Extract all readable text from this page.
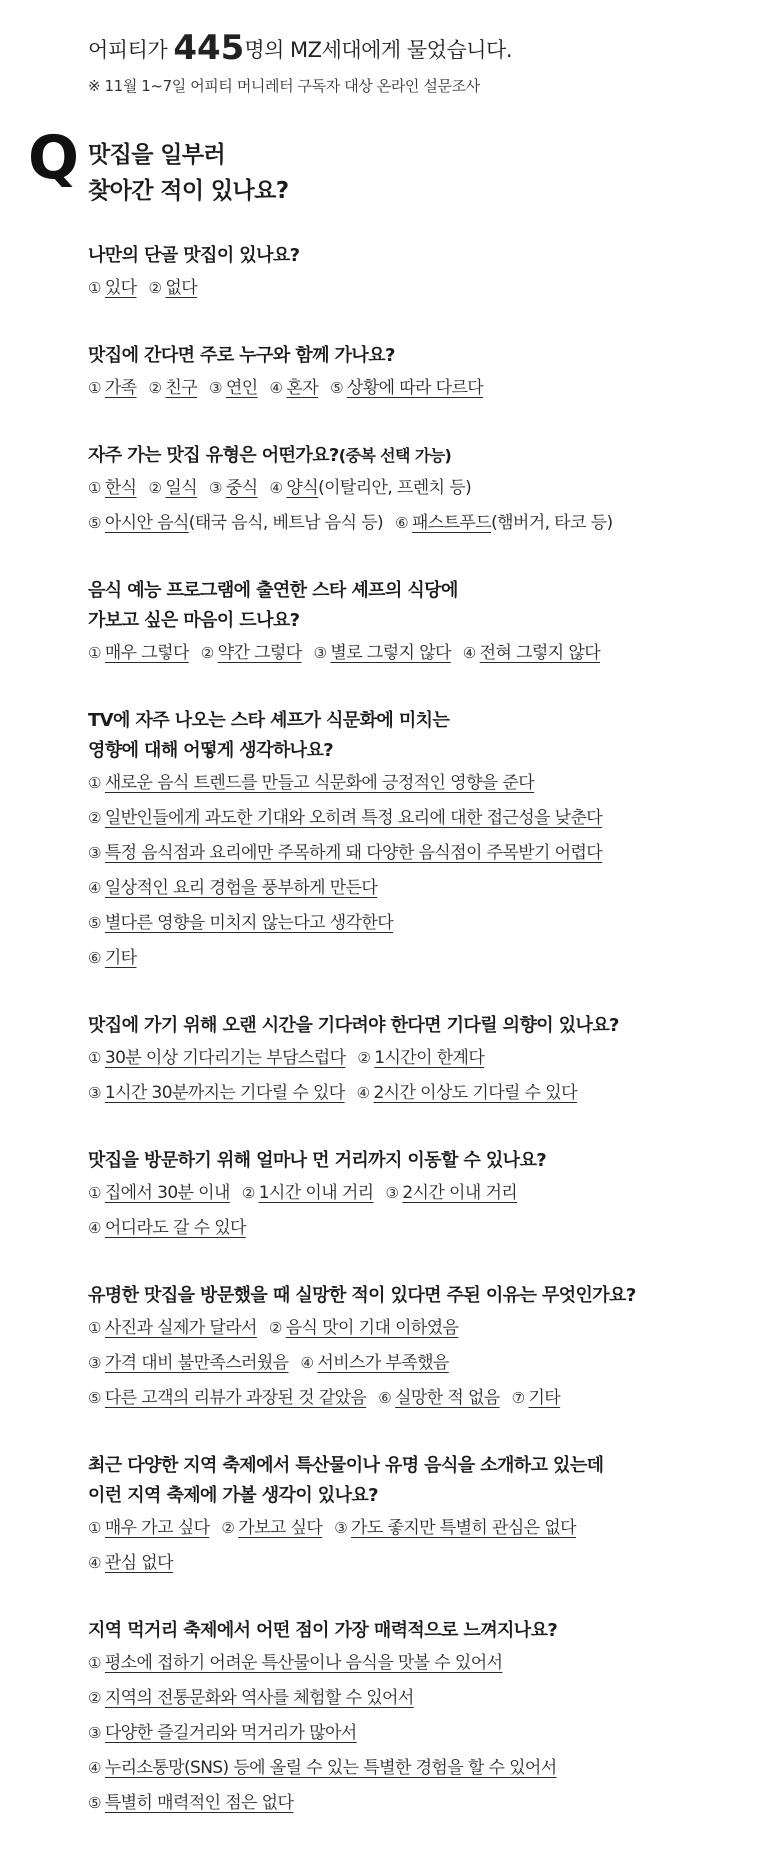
어피티가 445명의 MZ세대에게 물었습니다.
※ 11월 1~7일 어피티 머니레터 구독자 대상 온라인 설문조사
Q 맛집을 일부러
찾아간 적이 있나요?
나만의 단골 맛집이 있나요?
① 있다 ② 없다
맛집에 간다면 주로 누구와 함께 가나요?
① 가족 ② 친구 ③ 연인 ④ 혼자 ⑤ 상황에 따라 다르다
자주 가는 맛집 유형은 어떤가요?(중복 선택 가능)
① 한식 ② 일식 ③ 중식 ④ 양식(이탈리안, 프렌치 등)
⑤ 아시안 음식(태국 음식, 베트남 음식 등) ⑥ 패스트푸드(햄버거, 타코 등)
음식 예능 프로그램에 출연한 스타 셰프의 식당에
가보고 싶은 마음이 드나요?
① 매우 그렇다 ② 약간 그렇다 ③ 별로 그렇지 않다 ④ 전혀 그렇지 않다
TV에 자주 나오는 스타 셰프가 식문화에 미치는
영향에 대해 어떻게 생각하나요?
① 새로운 음식 트렌드를 만들고 식문화에 긍정적인 영향을 준다
② 일반인들에게 과도한 기대와 오히려 특정 요리에 대한 접근성을 낮춘다
③ 특정 음식점과 요리에만 주목하게 돼 다양한 음식점이 주목받기 어렵다
④ 일상적인 요리 경험을 풍부하게 만든다
⑤ 별다른 영향을 미치지 않는다고 생각한다
⑥ 기타
맛집에 가기 위해 오랜 시간을 기다려야 한다면 기다릴 의향이 있나요?
① 30분 이상 기다리기는 부담스럽다 ② 1시간이 한계다
③ 1시간 30분까지는 기다릴 수 있다 ④ 2시간 이상도 기다릴 수 있다
맛집을 방문하기 위해 얼마나 먼 거리까지 이동할 수 있나요?
① 집에서 30분 이내 ② 1시간 이내 거리 ③ 2시간 이내 거리
④ 어디라도 갈 수 있다
유명한 맛집을 방문했을 때 실망한 적이 있다면 주된 이유는 무엇인가요?
① 사진과 실제가 달라서 ② 음식 맛이 기대 이하였음
③ 가격 대비 불만족스러웠음 ④ 서비스가 부족했음
⑤ 다른 고객의 리뷰가 과장된 것 같았음 ⑥ 실망한 적 없음 ⑦ 기타
최근 다양한 지역 축제에서 특산물이나 유명 음식을 소개하고 있는데
이런 지역 축제에 가볼 생각이 있나요?
① 매우 가고 싶다 ② 가보고 싶다 ③ 가도 좋지만 특별히 관심은 없다
④ 관심 없다
지역 먹거리 축제에서 어떤 점이 가장 매력적으로 느껴지나요?
① 평소에 접하기 어려운 특산물이나 음식을 맛볼 수 있어서
② 지역의 전통문화와 역사를 체험할 수 있어서
③ 다양한 즐길거리와 먹거리가 많아서
④ 누리소통망(SNS) 등에 올릴 수 있는 특별한 경험을 할 수 있어서
⑤ 특별히 매력적인 점은 없다
